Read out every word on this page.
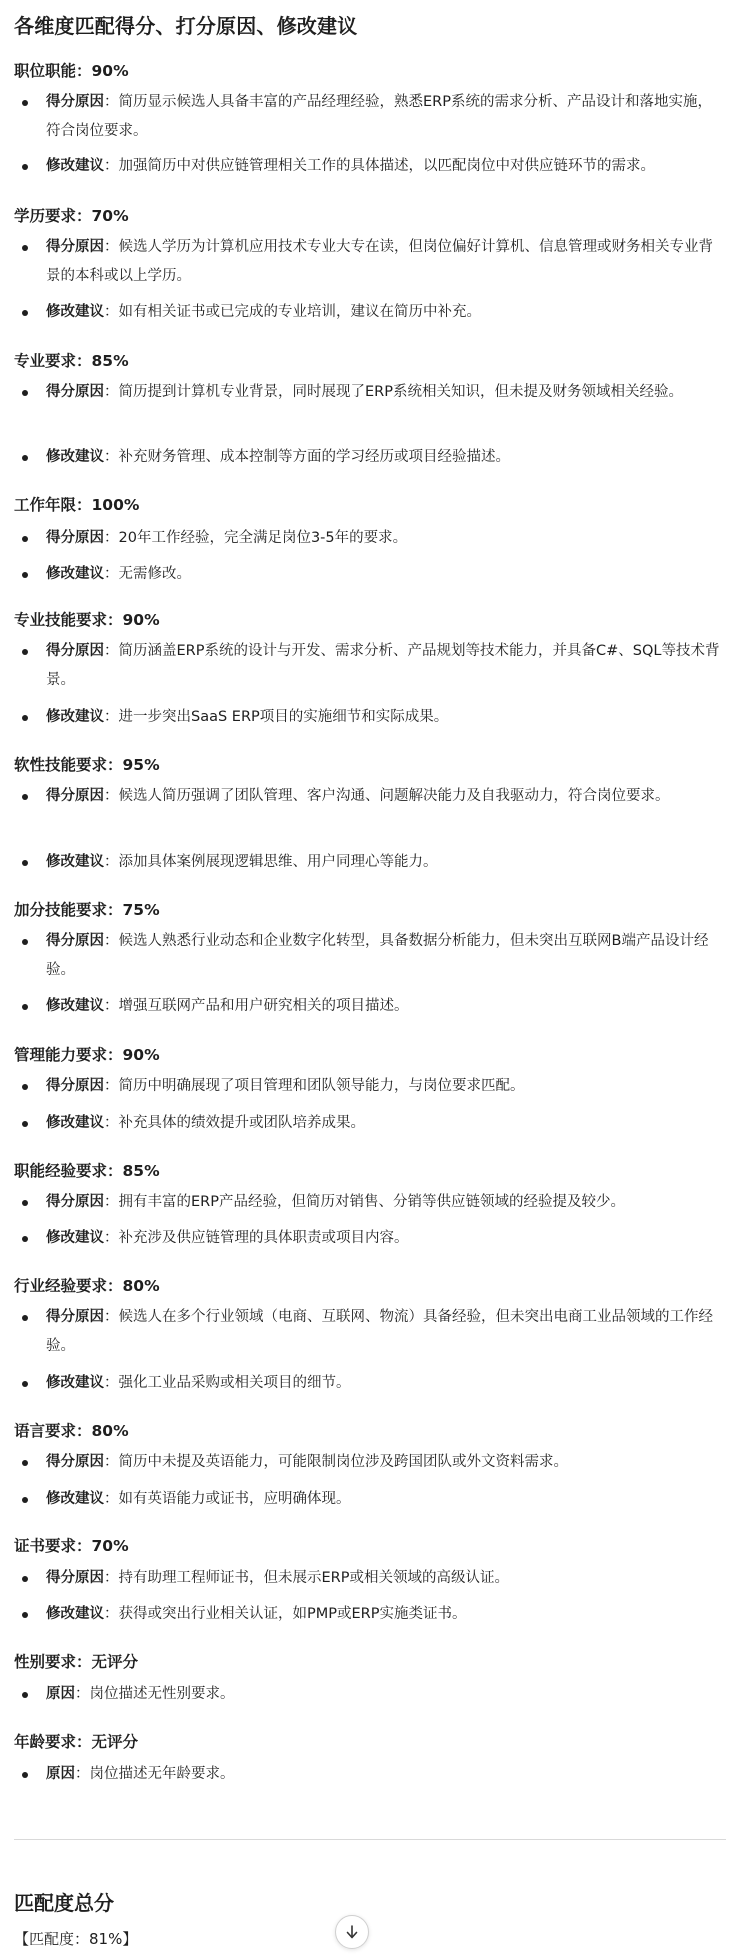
各维度匹配得分、打分原因、修改建议
职位职能：90%
得分原因：简历显示候选人具备丰富的产品经理经验，熟悉ERP系统的需求分析、产品设计和落地实施，符合岗位要求。
修改建议：加强简历中对供应链管理相关工作的具体描述，以匹配岗位中对供应链环节的需求。
学历要求：70%
得分原因：候选人学历为计算机应用技术专业大专在读，但岗位偏好计算机、信息管理或财务相关专业背景的本科或以上学历。
修改建议：如有相关证书或已完成的专业培训，建议在简历中补充。
专业要求：85%
得分原因：简历提到计算机专业背景，同时展现了ERP系统相关知识，但未提及财务领域相关经验。
修改建议：补充财务管理、成本控制等方面的学习经历或项目经验描述。
工作年限：100%
得分原因：20年工作经验，完全满足岗位3-5年的要求。
修改建议：无需修改。
专业技能要求：90%
得分原因：简历涵盖ERP系统的设计与开发、需求分析、产品规划等技术能力，并具备C#、SQL等技术背景。
修改建议：进一步突出SaaS ERP项目的实施细节和实际成果。
软性技能要求：95%
得分原因：候选人简历强调了团队管理、客户沟通、问题解决能力及自我驱动力，符合岗位要求。
修改建议：添加具体案例展现逻辑思维、用户同理心等能力。
加分技能要求：75%
得分原因：候选人熟悉行业动态和企业数字化转型，具备数据分析能力，但未突出互联网B端产品设计经验。
修改建议：增强互联网产品和用户研究相关的项目描述。
管理能力要求：90%
得分原因：简历中明确展现了项目管理和团队领导能力，与岗位要求匹配。
修改建议：补充具体的绩效提升或团队培养成果。
职能经验要求：85%
得分原因：拥有丰富的ERP产品经验，但简历对销售、分销等供应链领域的经验提及较少。
修改建议：补充涉及供应链管理的具体职责或项目内容。
行业经验要求：80%
得分原因：候选人在多个行业领域（电商、互联网、物流）具备经验，但未突出电商工业品领域的工作经验。
修改建议：强化工业品采购或相关项目的细节。
语言要求：80%
得分原因：简历中未提及英语能力，可能限制岗位涉及跨国团队或外文资料需求。
修改建议：如有英语能力或证书，应明确体现。
证书要求：70%
得分原因：持有助理工程师证书，但未展示ERP或相关领域的高级认证。
修改建议：获得或突出行业相关认证，如PMP或ERP实施类证书。
性别要求：无评分
原因：岗位描述无性别要求。
年龄要求：无评分
原因：岗位描述无年龄要求。
匹配度总分
【匹配度：81%】
